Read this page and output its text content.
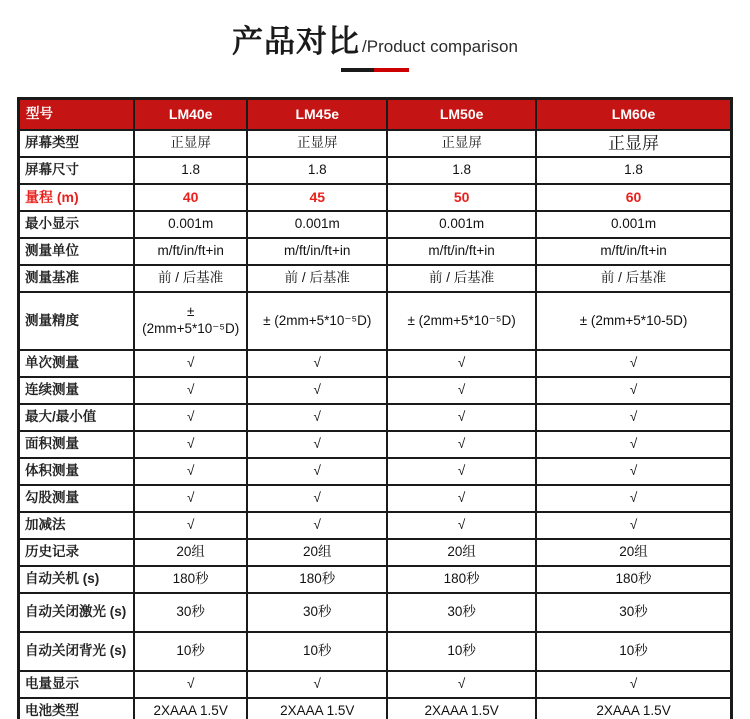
产品对比 /Product comparison
型号	LM40e	LM45e	LM50e	LM60e
屏幕类型	正显屏	正显屏	正显屏	正显屏
屏幕尺寸	1.8	1.8	1.8	1.8
量程 (m)	40	45	50	60
最小显示	0.001m	0.001m	0.001m	0.001m
测量单位	m/ft/in/ft+in	m/ft/in/ft+in	m/ft/in/ft+in	m/ft/in/ft+in
测量基准	前 / 后基准	前 / 后基准	前 / 后基准	前 / 后基准
测量精度	± (2mm+5*10⁻⁵D)	± (2mm+5*10⁻⁵D)	± (2mm+5*10⁻⁵D)	± (2mm+5*10-5D)
单次测量	√	√	√	√
连续测量	√	√	√	√
最大/最小值	√	√	√	√
面积测量	√	√	√	√
体积测量	√	√	√	√
勾股测量	√	√	√	√
加减法	√	√	√	√
历史记录	20组	20组	20组	20组
自动关机 (s)	180秒	180秒	180秒	180秒
自动关闭激光 (s)	30秒	30秒	30秒	30秒
自动关闭背光 (s)	10秒	10秒	10秒	10秒
电量显示	√	√	√	√
电池类型	2XAAA 1.5V	2XAAA 1.5V	2XAAA 1.5V	2XAAA 1.5V
